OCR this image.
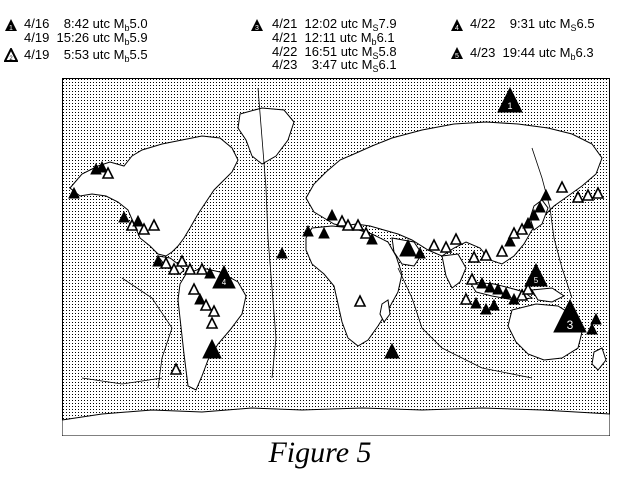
1 4/16 8:42 utc $M_b5.0$
4/19 15:26 utc $M_b5.9$
2 4/19 5:53 utc $M_b5.5$
3 4/21 12:02 utc $M_S7.9$
4/21 12:11 utc $M_b6.1$
4/22 16:51 utc $M_S5.8$
4/23 3:47 utc $M_S6.1$
4 4/22 9:31 utc $M_S6.5$
5 4/23 19:44 utc $M_b6.3$
1
3
4	5
Figure 5
